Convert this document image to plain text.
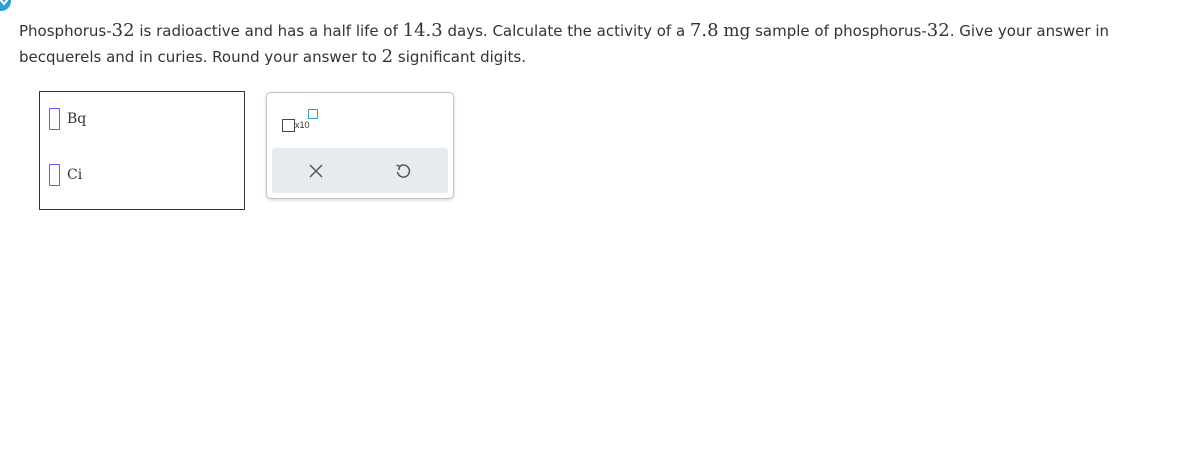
Phosphorus-32 is radioactive and has a half life of 14.3 days. Calculate the activity of a 7.8 mg sample of phosphorus-32. Give your answer in becquerels and in curies. Round your answer to 2 significant digits.
Bq
Ci
x10
